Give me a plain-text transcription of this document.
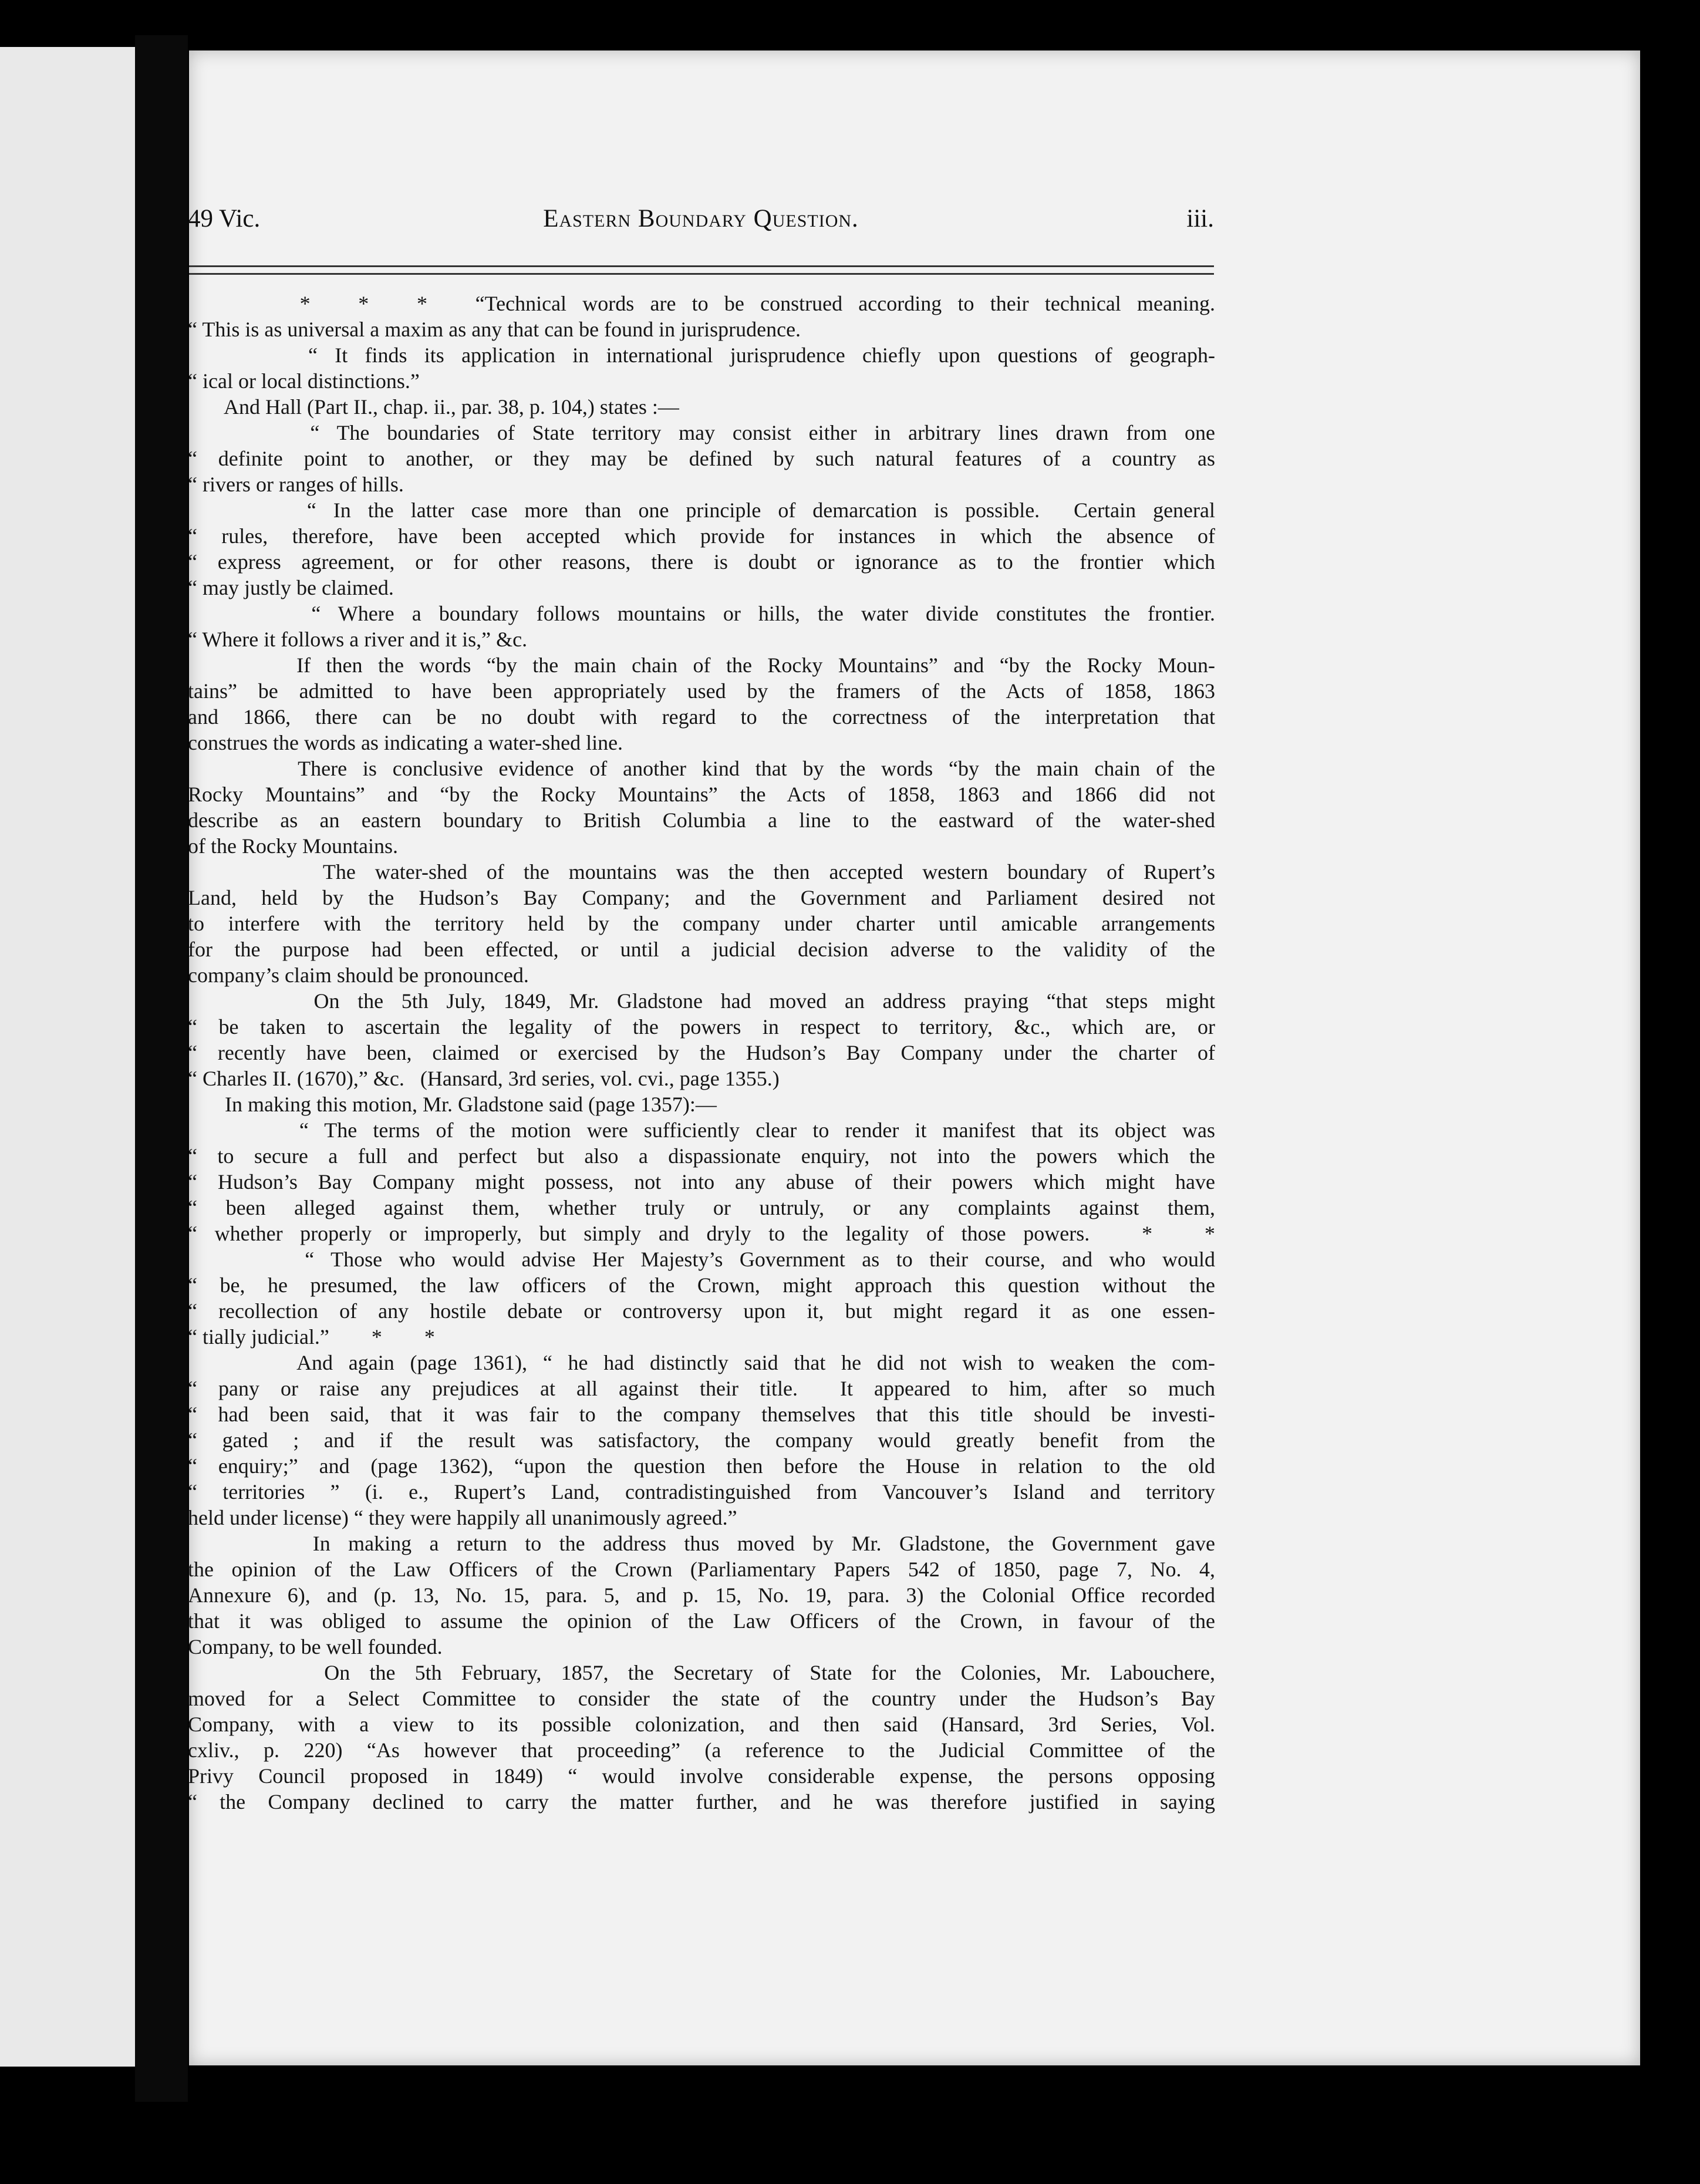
49 Vic.	Eastern Boundary Question.	iii.
*   *   *   “Technical words are to be construed according to their technical meaning.
“ This is as universal a maxim as any that can be found in jurisprudence.
“ It finds its application in international jurisprudence chiefly upon questions of geograph-
“ ical or local distinctions.”
And Hall (Part II., chap. ii., par. 38, p. 104,) states :—
“ The boundaries of State territory may consist either in arbitrary lines drawn from one
“ definite point to another, or they may be defined by such natural features of a country as
“ rivers or ranges of hills.
“ In the latter case more than one principle of demarcation is possible.  Certain general
“ rules, therefore, have been accepted which provide for instances in which the absence of
“ express agreement, or for other reasons, there is doubt or ignorance as to the frontier which
“ may justly be claimed.
“ Where a boundary follows mountains or hills, the water divide constitutes the frontier.
“ Where it follows a river and it is,” &c.
If then the words “by the main chain of the Rocky Mountains” and “by the Rocky Moun-
tains” be admitted to have been appropriately used by the framers of the Acts of 1858, 1863
and 1866, there can be no doubt with regard to the correctness of the interpretation that
construes the words as indicating a water-shed line.
There is conclusive evidence of another kind that by the words “by the main chain of the
Rocky Mountains” and “by the Rocky Mountains” the Acts of 1858, 1863 and 1866 did not
describe as an eastern boundary to British Columbia a line to the eastward of the water-shed
of the Rocky Mountains.
The water-shed of the mountains was the then accepted western boundary of Rupert’s
Land, held by the Hudson’s Bay Company; and the Government and Parliament desired not
to interfere with the territory held by the company under charter until amicable arrangements
for the purpose had been effected, or until a judicial decision adverse to the validity of the
company’s claim should be pronounced.
On the 5th July, 1849, Mr. Gladstone had moved an address praying “that steps might
“ be taken to ascertain the legality of the powers in respect to territory, &c., which are, or
“ recently have been, claimed or exercised by the Hudson’s Bay Company under the charter of
“ Charles II. (1670),” &c.   (Hansard, 3rd series, vol. cvi., page 1355.)
In making this motion, Mr. Gladstone said (page 1357):—
“ The terms of the motion were sufficiently clear to render it manifest that its object was
“ to secure a full and perfect but also a dispassionate enquiry, not into the powers which the
“ Hudson’s Bay Company might possess, not into any abuse of their powers which might have
“ been alleged against them, whether truly or untruly, or any complaints against them,
“ whether properly or improperly, but simply and dryly to the legality of those powers.   *   *
“ Those who would advise Her Majesty’s Government as to their course, and who would
“ be, he presumed, the law officers of the Crown, might approach this question without the
“ recollection of any hostile debate or controversy upon it, but might regard it as one essen-
“ tially judicial.”        *        *
And again (page 1361), “ he had distinctly said that he did not wish to weaken the com-
“ pany or raise any prejudices at all against their title.  It appeared to him, after so much
“ had been said, that it was fair to the company themselves that this title should be investi-
“ gated ; and if the result was satisfactory, the company would greatly benefit from the
“ enquiry;” and (page 1362), “upon the question then before the House in relation to the old
“ territories ” (i. e., Rupert’s Land, contradistinguished from Vancouver’s Island and territory
held under license) “ they were happily all unanimously agreed.”
In making a return to the address thus moved by Mr. Gladstone, the Government gave
the opinion of the Law Officers of the Crown (Parliamentary Papers 542 of 1850, page 7, No. 4,
Annexure 6), and (p. 13, No. 15, para. 5, and p. 15, No. 19, para. 3) the Colonial Office recorded
that it was obliged to assume the opinion of the Law Officers of the Crown, in favour of the
Company, to be well founded.
On the 5th February, 1857, the Secretary of State for the Colonies, Mr. Labouchere,
moved for a Select Committee to consider the state of the country under the Hudson’s Bay
Company, with a view to its possible colonization, and then said (Hansard, 3rd Series, Vol.
cxliv., p. 220) “As however that proceeding” (a reference to the Judicial Committee of the
Privy Council proposed in 1849) “ would involve considerable expense, the persons opposing
“ the Company declined to carry the matter further, and he was therefore justified in saying
